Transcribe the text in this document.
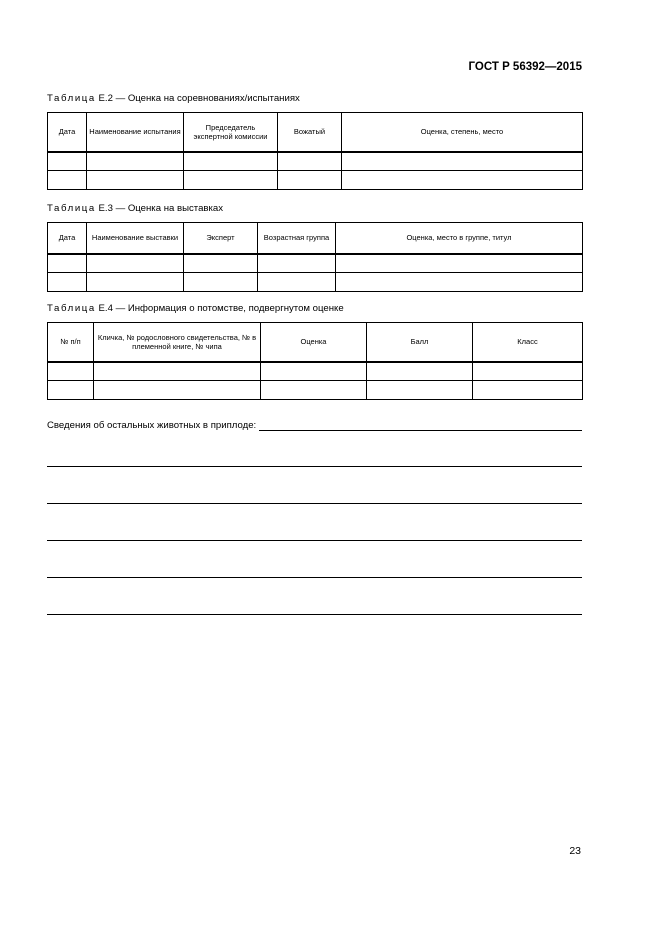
ГОСТ Р 56392—2015
Таблица Е.2 — Оценка на соревнованиях/испытаниях
Дата	Наименование испытания	Председатель экспертной комиссии	Вожатый	Оценка, степень, место

Таблица Е.3 — Оценка на выставках
Дата	Наименование выставки	Эксперт	Возрастная группа	Оценка, место в группе, титул

Таблица Е.4 — Информация о потомстве, подвергнутом оценке
№ п/п	Кличка, № родословного свидетельства, № в племенной книге, № чипа	Оценка	Балл	Класс

Сведения об остальных животных в приплоде:
23
